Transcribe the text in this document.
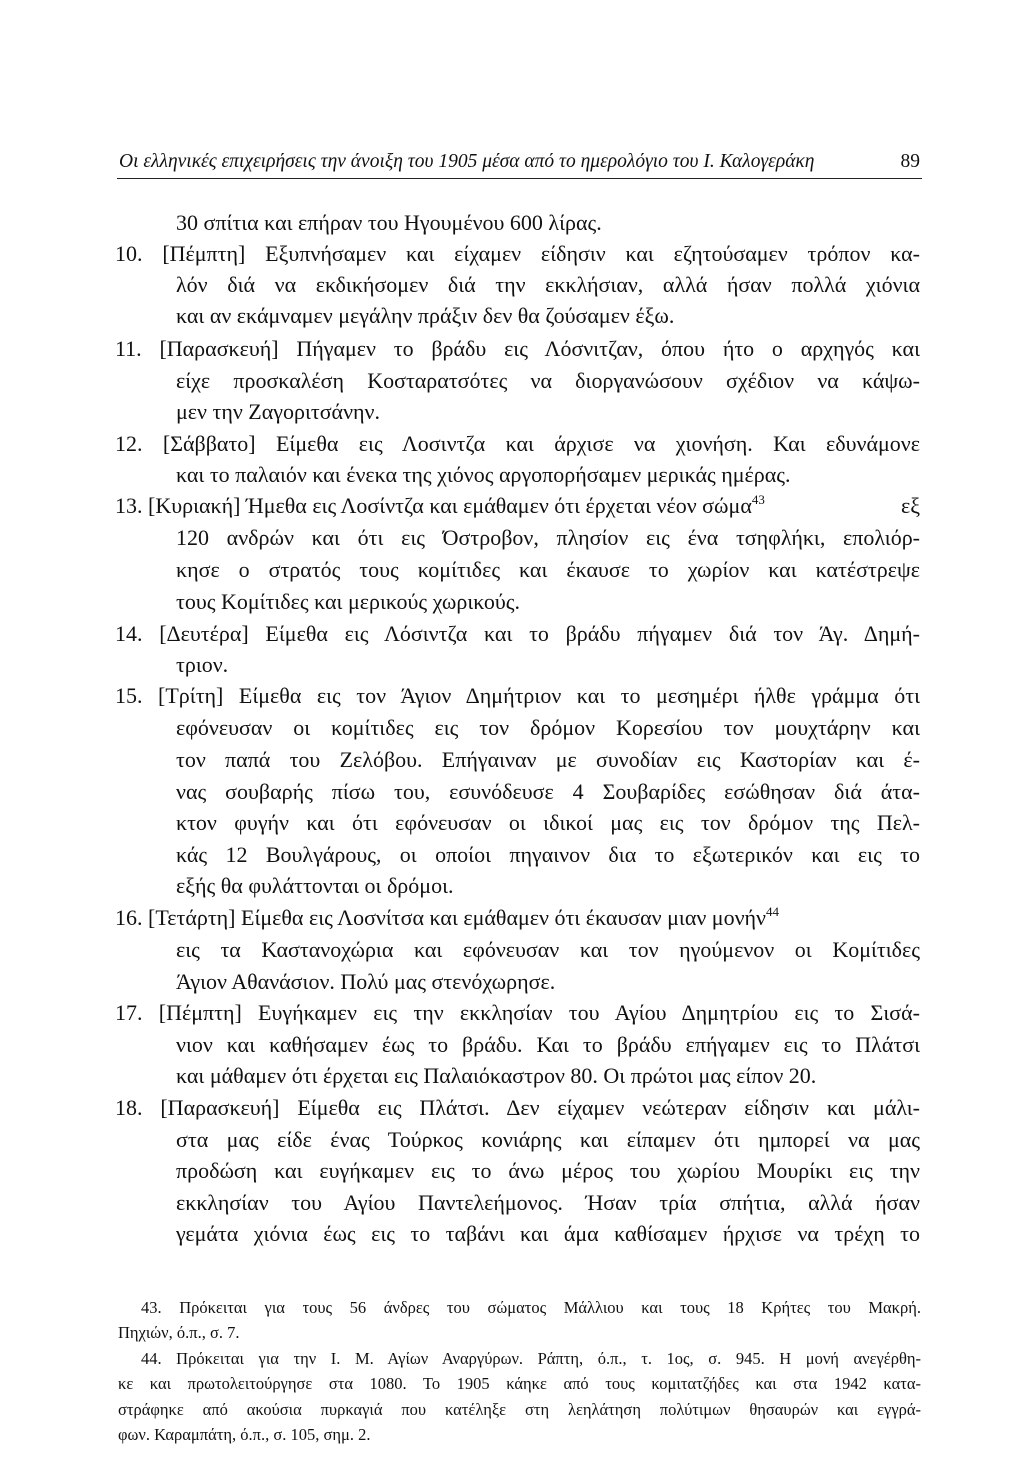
Οι ελληνικές επιχειρήσεις την άνοιξη του 1905 μέσα από το ημερολόγιο του Ι. Καλογεράκη	89
30 σπίτια και επήραν του Ηγουμένου 600 λίρας.
10. [Πέμπτη] Εξυπνήσαμεν και είχαμεν είδησιν και εζητούσαμεν τρόπον κα-
λόν διά να εκδικήσομεν διά την εκκλήσιαν, αλλά ήσαν πολλά χιόνια
και αν εκάμναμεν μεγάλην πράξιν δεν θα ζούσαμεν έξω.
11. [Παρασκευή] Πήγαμεν το βράδυ εις Λόσνιτζαν, όπου ήτο ο αρχηγός και
είχε προσκαλέση Κοσταρατσότες να διοργανώσουν σχέδιον να κάψω-
μεν την Ζαγοριτσάνην.
12. [Σάββατο] Είμεθα εις Λοσιντζα και άρχισε να χιονήση. Και εδυνάμονε
και το παλαιόν και ένεκα της χιόνος αργοπορήσαμεν μερικάς ημέρας.
13. [Κυριακή] Ήμεθα εις Λοσίντζα και εμάθαμεν ότι έρχεται νέον σώμα$^{43}$	εξ
120 ανδρών και ότι εις Όστροβον, πλησίον εις ένα τσηφλήκι, επολιόρ-
κησε ο στρατός τους κομίτιδες και έκαυσε το χωρίον και κατέστρεψε
τους Κομίτιδες και μερικούς χωρικούς.
14. [Δευτέρα] Είμεθα εις Λόσιντζα και το βράδυ πήγαμεν διά τον Άγ. Δημή-
τριον.
15. [Τρίτη] Είμεθα εις τον Άγιον Δημήτριον και το μεσημέρι ήλθε γράμμα ότι
εφόνευσαν οι κομίτιδες εις τον δρόμον Κορεσίου τον μουχτάρην και
τον παπά του Ζελόβου. Επήγαιναν με συνοδίαν εις Καστορίαν και έ-
νας σουβαρής πίσω του, εσυνόδευσε 4 Σουβαρίδες εσώθησαν διά άτα-
κτον φυγήν και ότι εφόνευσαν οι ιδικοί μας εις τον δρόμον της Πελ-
κάς 12 Βουλγάρους, οι οποίοι πηγαινον δια το εξωτερικόν και εις το
εξής θα φυλάττονται οι δρόμοι.
16. [Τετάρτη] Είμεθα εις Λοσνίτσα και εμάθαμεν ότι έκαυσαν μιαν μονήν$^{44}$
εις τα Καστανοχώρια και εφόνευσαν και τον ηγούμενον οι Κομίτιδες
Άγιον Αθανάσιον. Πολύ μας στενόχωρησε.
17. [Πέμπτη] Ευγήκαμεν εις την εκκλησίαν του Αγίου Δημητρίου εις το Σισά-
νιον και καθήσαμεν έως το βράδυ. Και το βράδυ επήγαμεν εις το Πλάτσι
και μάθαμεν ότι έρχεται εις Παλαιόκαστρον 80. Οι πρώτοι μας είπον 20.
18. [Παρασκευή] Είμεθα εις Πλάτσι. Δεν είχαμεν νεώτεραν είδησιν και μάλι-
στα μας είδε ένας Τούρκος κονιάρης και είπαμεν ότι ημπορεί να μας
προδώση και ευγήκαμεν εις το άνω μέρος του χωρίου Μουρίκι εις την
εκκλησίαν του Αγίου Παντελεήμονος. Ήσαν τρία σπήτια, αλλά ήσαν
γεμάτα χιόνια έως εις το ταβάνι και άμα καθίσαμεν ήρχισε να τρέχη το
43. Πρόκειται για τους 56 άνδρες του σώματος Μάλλιου και τους 18 Κρήτες του Μακρή.
Πηχιών, ό.π., σ. 7.
44. Πρόκειται για την Ι. Μ. Αγίων Αναργύρων. Ράπτη, ό.π., τ. 1ος, σ. 945. Η μονή ανεγέρθη-
κε και πρωτολειτούργησε στα 1080. Το 1905 κάηκε από τους κομιτατζήδες και στα 1942 κατα-
στράφηκε από ακούσια πυρκαγιά που κατέληξε στη λεηλάτηση πολύτιμων θησαυρών και εγγρά-
φων. Καραμπάτη, ό.π., σ. 105, σημ. 2.
